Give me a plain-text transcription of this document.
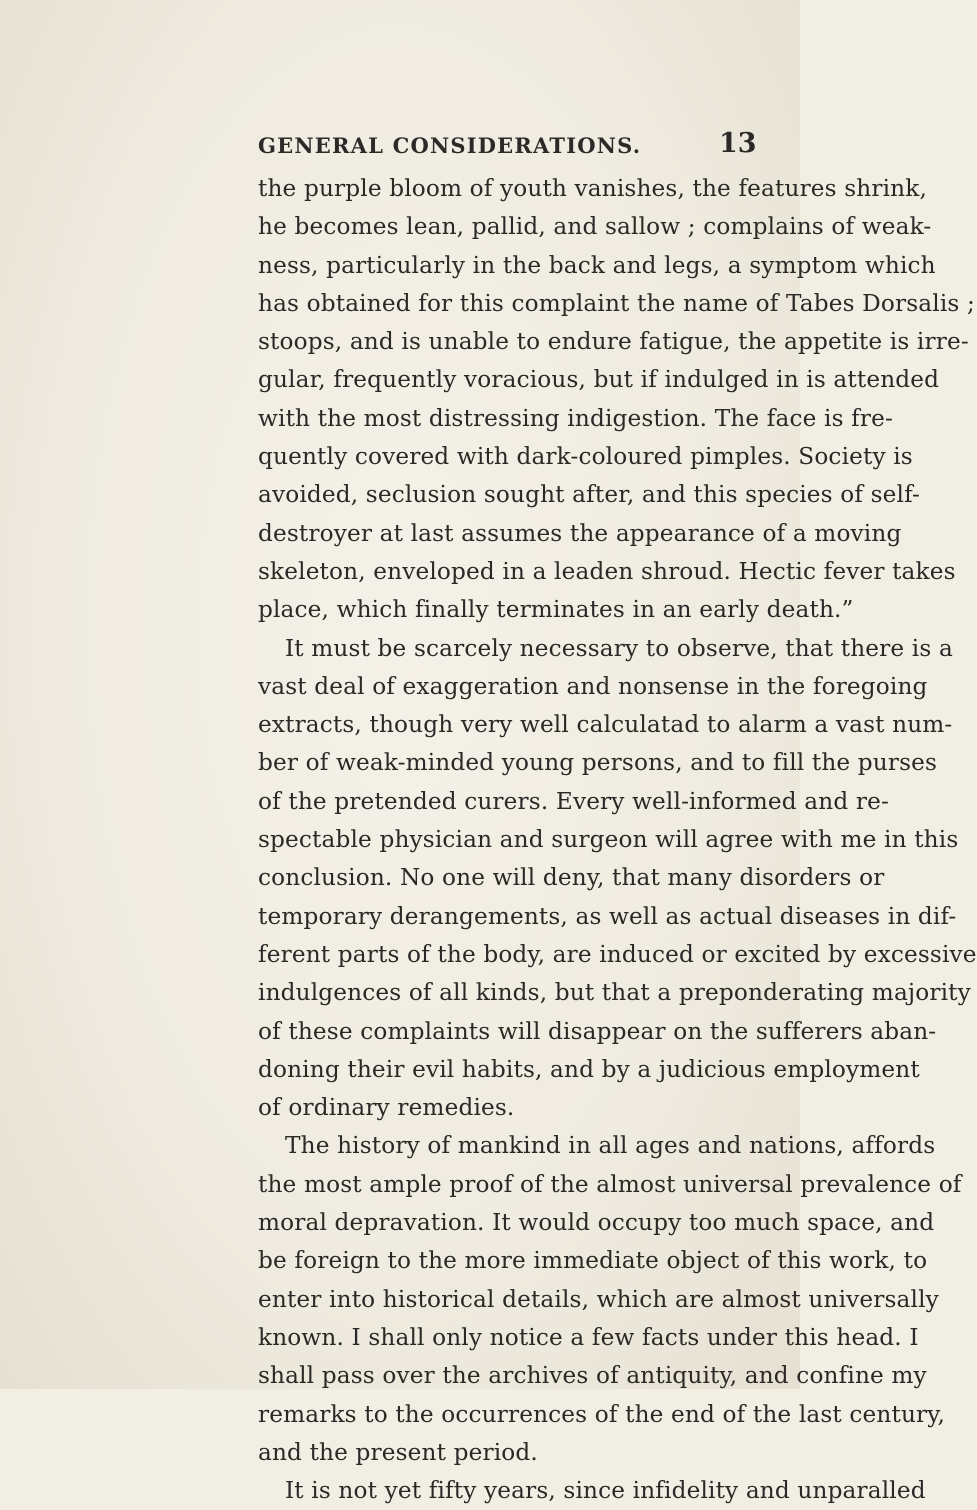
GENERAL CONSIDERATIONS.	13
the purple bloom of youth vanishes, the features shrink,
he becomes lean, pallid, and sallow ; complains of weak-
ness, particularly in the back and legs, a symptom which
has obtained for this complaint the name of Tabes Dorsalis ;
stoops, and is unable to endure fatigue, the appetite is irre-
gular, frequently voracious, but if indulged in is attended
with the most distressing indigestion. The face is fre-
quently covered with dark-coloured pimples. Society is
avoided, seclusion sought after, and this species of self-
destroyer at last assumes the appearance of a moving
skeleton, enveloped in a leaden shroud. Hectic fever takes
place, which finally terminates in an early death.”
It must be scarcely necessary to observe, that there is a
vast deal of exaggeration and nonsense in the foregoing
extracts, though very well calculatad to alarm a vast num-
ber of weak-minded young persons, and to fill the purses
of the pretended curers. Every well-informed and re-
spectable physician and surgeon will agree with me in this
conclusion. No one will deny, that many disorders or
temporary derangements, as well as actual diseases in dif-
ferent parts of the body, are induced or excited by excessive
indulgences of all kinds, but that a preponderating majority
of these complaints will disappear on the sufferers aban-
doning their evil habits, and by a judicious employment
of ordinary remedies.
The history of mankind in all ages and nations, affords
the most ample proof of the almost universal prevalence of
moral depravation. It would occupy too much space, and
be foreign to the more immediate object of this work, to
enter into historical details, which are almost universally
known. I shall only notice a few facts under this head. I
shall pass over the archives of antiquity, and confine my
remarks to the occurrences of the end of the last century,
and the present period.
It is not yet fifty years, since infidelity and unparalled
